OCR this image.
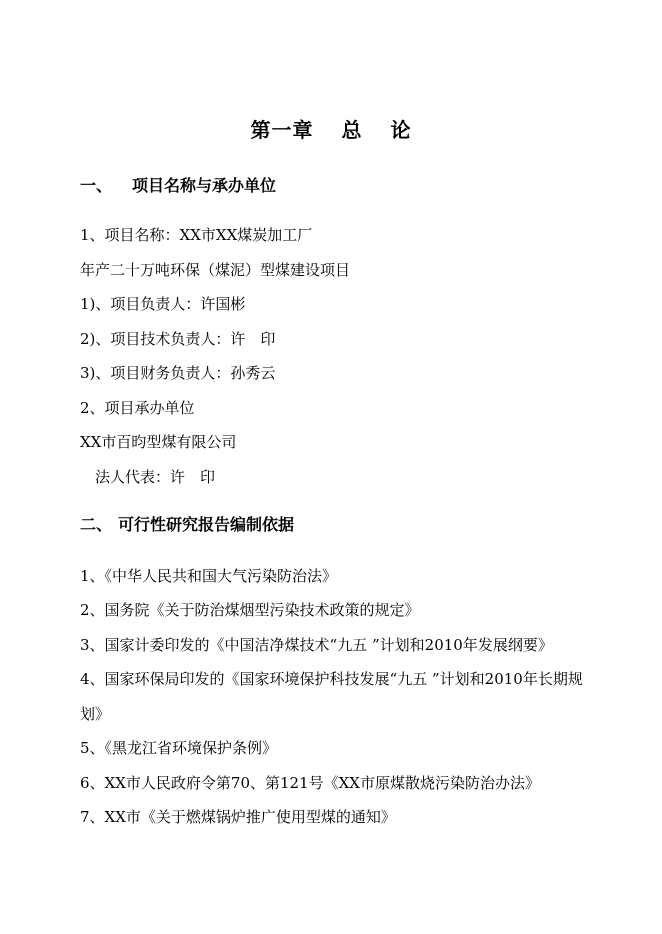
第一章 总 论
一、 项目名称与承办单位
1、项目名称：XX市XX煤炭加工厂
年产二十万吨环保（煤泥）型煤建设项目
1)、项目负责人：许国彬
2)、项目技术负责人：许　印
3)、项目财务负责人：孙秀云
2、项目承办单位
XX市百昀型煤有限公司
法人代表：许　印
二、 可行性研究报告编制依据
1、《中华人民共和国大气污染防治法》
2、国务院《关于防治煤烟型污染技术政策的规定》
3、国家计委印发的《中国洁净煤技术“九五 ”计划和2010年发展纲要》
4、国家环保局印发的《国家环境保护科技发展“九五 ”计划和2010年长期规
划》
5、《黑龙江省环境保护条例》
6、XX市人民政府令第70、第121号《XX市原煤散烧污染防治办法》
7、XX市《关于燃煤锅炉推广使用型煤的通知》
